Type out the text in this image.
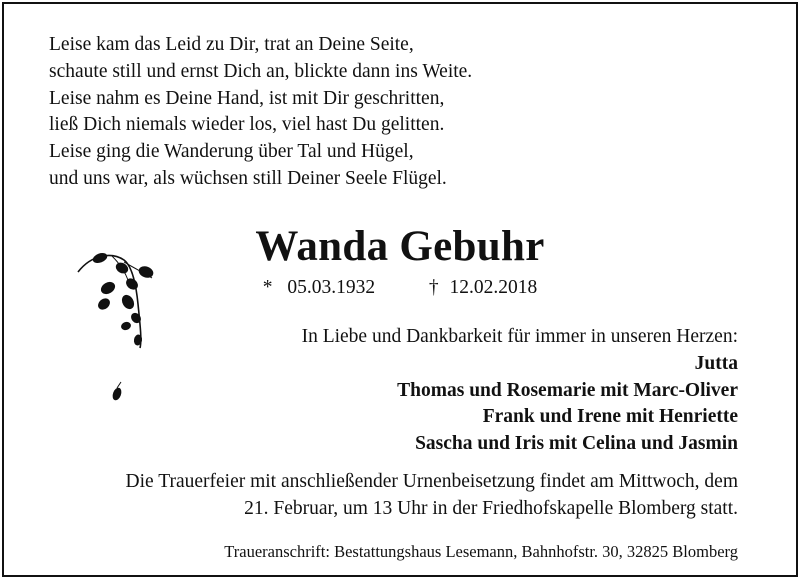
Leise kam das Leid zu Dir, trat an Deine Seite,
schaute still und ernst Dich an, blickte dann ins Weite.
Leise nahm es Deine Hand, ist mit Dir geschritten,
ließ Dich niemals wieder los, viel hast Du gelitten.
Leise ging die Wanderung über Tal und Hügel,
und uns war, als wüchsen still Deiner Seele Flügel.
Wanda Gebuhr
* 05.03.1932	† 12.02.2018
In Liebe und Dankbarkeit für immer in unseren Herzen:
Jutta
Thomas und Rosemarie mit Marc-Oliver
Frank und Irene mit Henriette
Sascha und Iris mit Celina und Jasmin
Die Trauerfeier mit anschließender Urnenbeisetzung findet am Mittwoch, dem
21. Februar, um 13 Uhr in der Friedhofskapelle Blomberg statt.
Traueranschrift: Bestattungshaus Lesemann, Bahnhofstr. 30, 32825 Blomberg
